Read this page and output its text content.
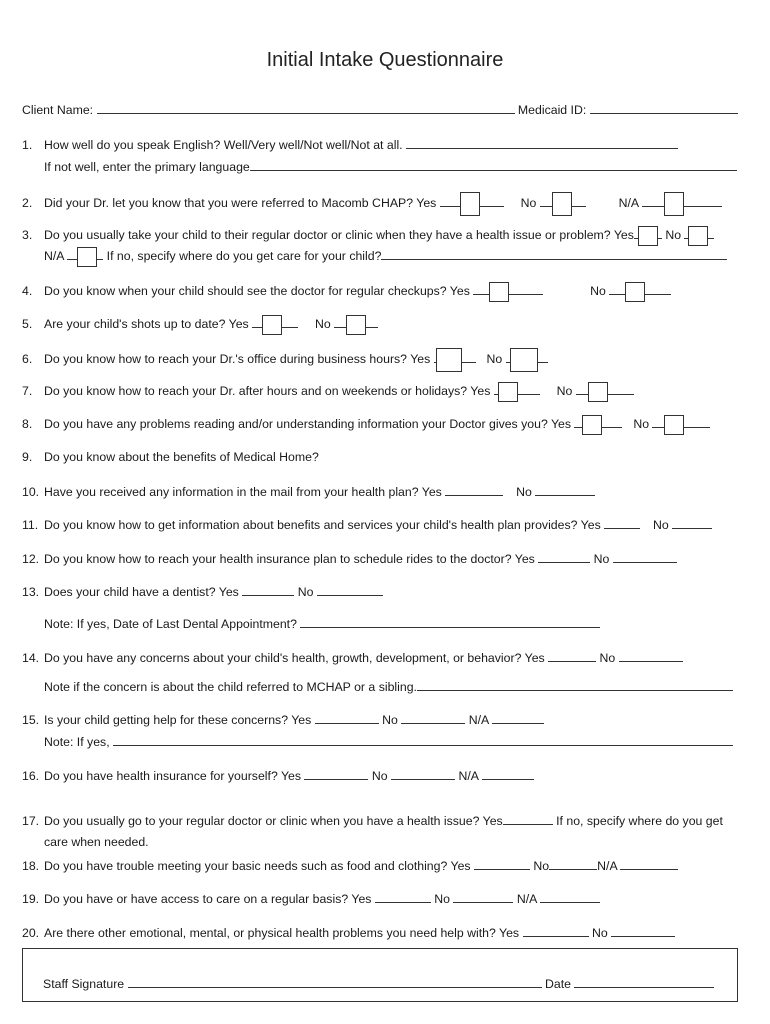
Initial Intake Questionnaire
Client Name:	Medicaid ID:
1. How well do you speak English? Well/Very well/Not well/Not at all.
If not well, enter the primary language
2. Did your Dr. let you know that you were referred to Macomb CHAP? Yes	No	N/A
3. Do you usually take your child to their regular doctor or clinic when they have a health issue or problem? Yes	No
N/A	If no, specify where do you get care for your child?
4. Do you know when your child should see the doctor for regular checkups? Yes	No
5. Are your child's shots up to date? Yes	No
6. Do you know how to reach your Dr.'s office during business hours? Yes	No
7. Do you know how to reach your Dr. after hours and on weekends or holidays? Yes	No
8. Do you have any problems reading and/or understanding information your Doctor gives you? Yes	No
9. Do you know about the benefits of Medical Home?
10. Have you received any information in the mail from your health plan? Yes	No
11. Do you know how to get information about benefits and services your child's health plan provides? Yes	No
12. Do you know how to reach your health insurance plan to schedule rides to the doctor? Yes	No
13. Does your child have a dentist? Yes	No
Note: If yes, Date of Last Dental Appointment?
14. Do you have any concerns about your child's health, growth, development, or behavior? Yes	No
Note if the concern is about the child referred to MCHAP or a sibling.
15. Is your child getting help for these concerns? Yes	No	N/A
Note: If yes,
16. Do you have health insurance for yourself? Yes	No	N/A
17. Do you usually go to your regular doctor or clinic when you have a health issue? Yes	If no, specify where do you get
care when needed.
18. Do you have trouble meeting your basic needs such as food and clothing? Yes	No	N/A
19. Do you have or have access to care on a regular basis? Yes	No	N/A
20. Are there other emotional, mental, or physical health problems you need help with? Yes	No
Staff Signature	Date
